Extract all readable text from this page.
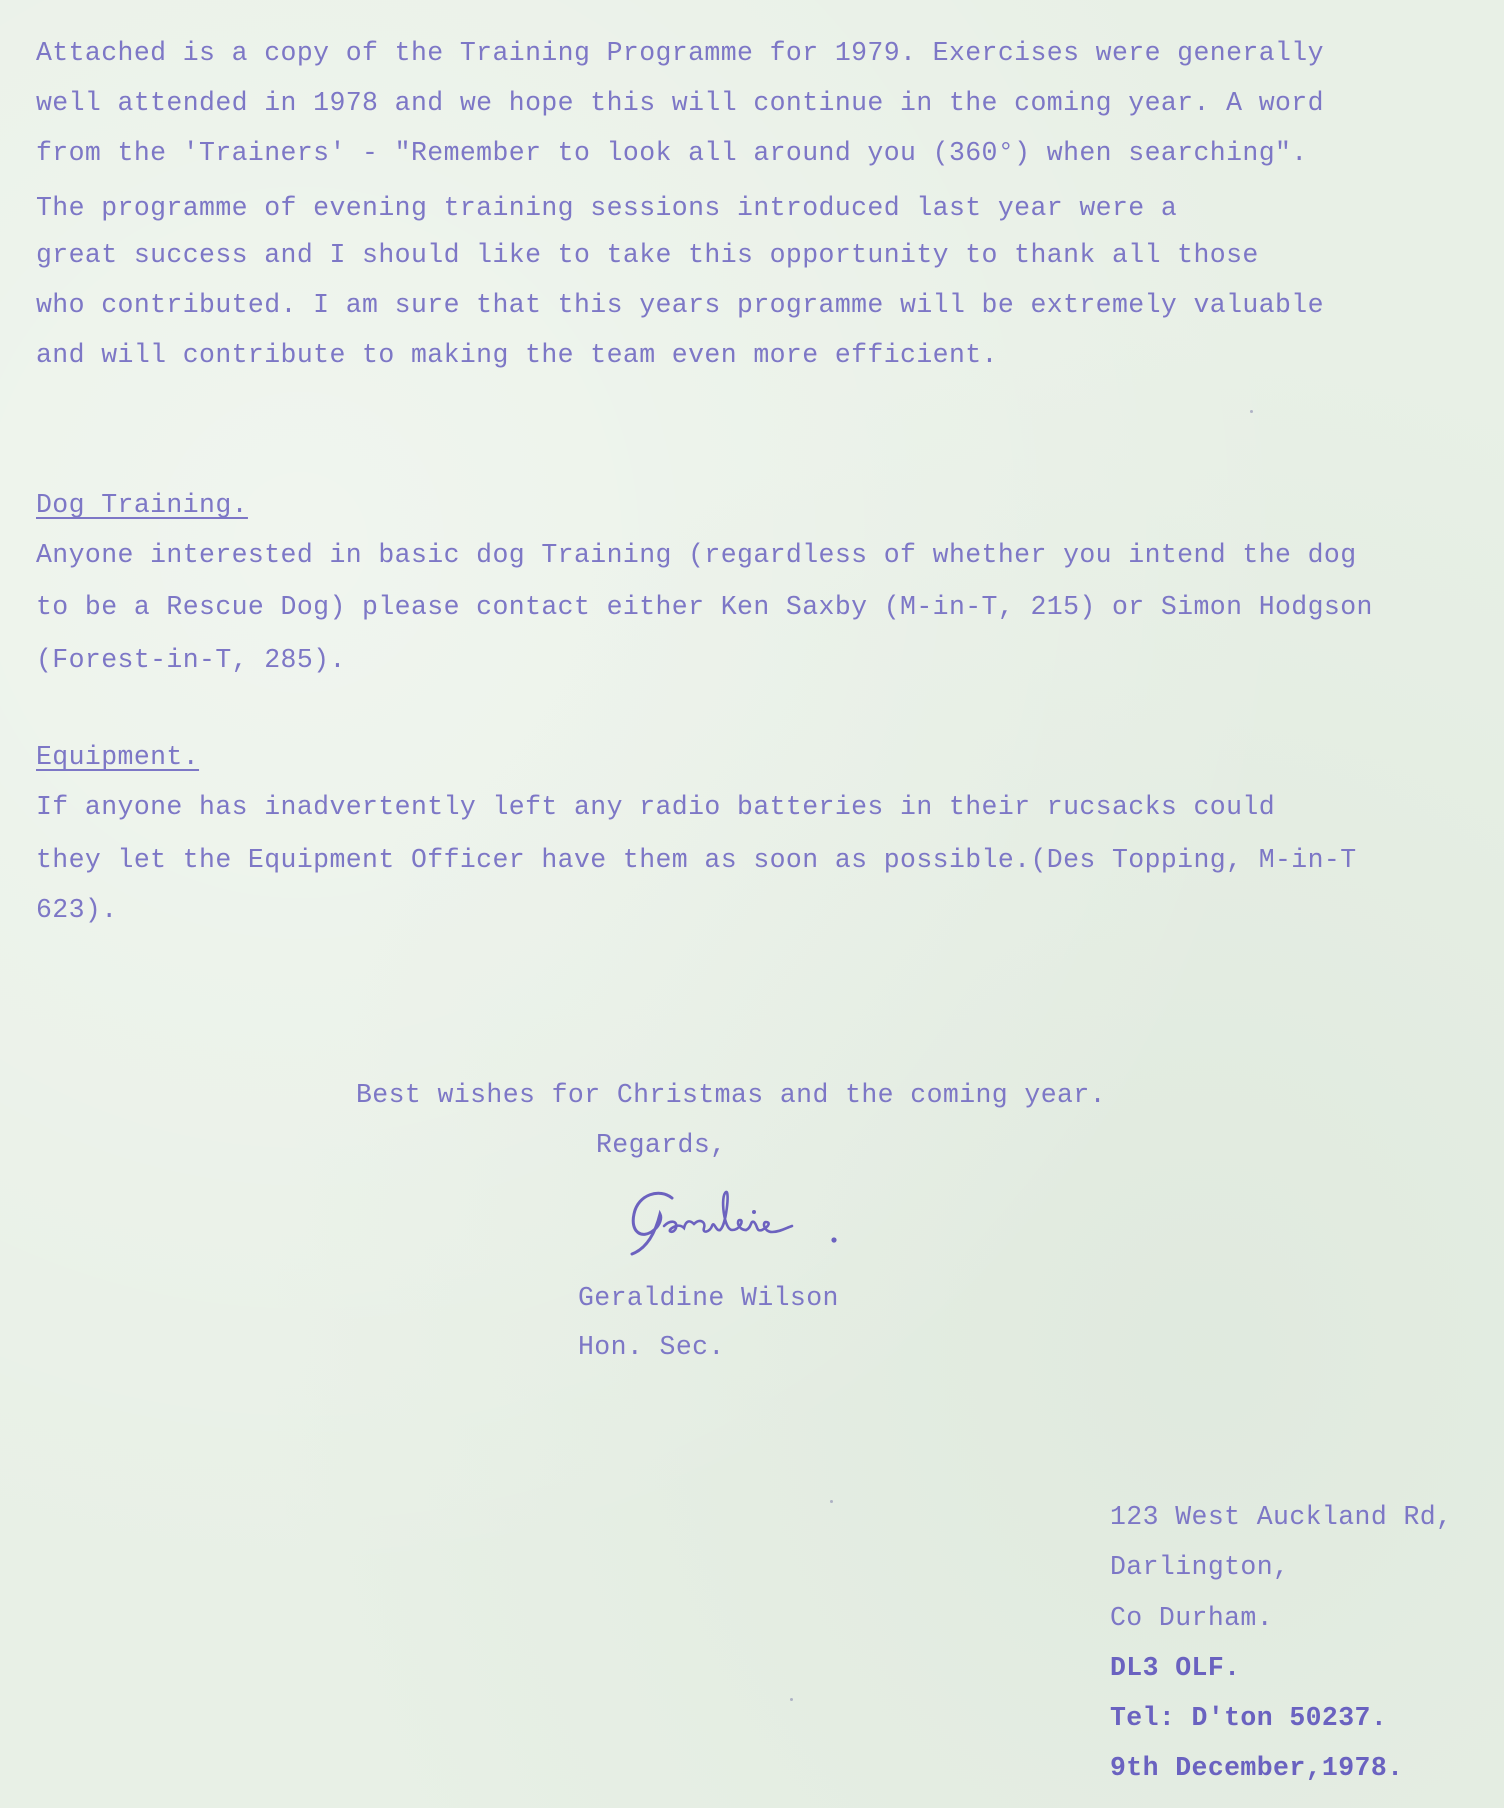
Attached is a copy of the Training Programme for 1979. Exercises were generally
well attended in 1978 and we hope this will continue in the coming year. A word
from the 'Trainers' - "Remember to look all around you (360°) when searching".
The programme of evening training sessions introduced last year were a
great success and I should like to take this opportunity to thank all those
who contributed. I am sure that this years programme will be extremely valuable
and will contribute to making the team even more efficient.
Dog Training.
Anyone interested in basic dog Training (regardless of whether you intend the dog
to be a Rescue Dog) please contact either Ken Saxby (M-in-T, 215) or Simon Hodgson
(Forest-in-T, 285).
Equipment.
If anyone has inadvertently left any radio batteries in their rucsacks could
they let the Equipment Officer have them as soon as possible.(Des Topping, M-in-T
623).
Best wishes for Christmas and the coming year.
Regards,
Geraldine Wilson
Hon. Sec.
123 West Auckland Rd,
Darlington,
Co Durham.
DL3 OLF.
Tel: D'ton 50237.
9th December,1978.
